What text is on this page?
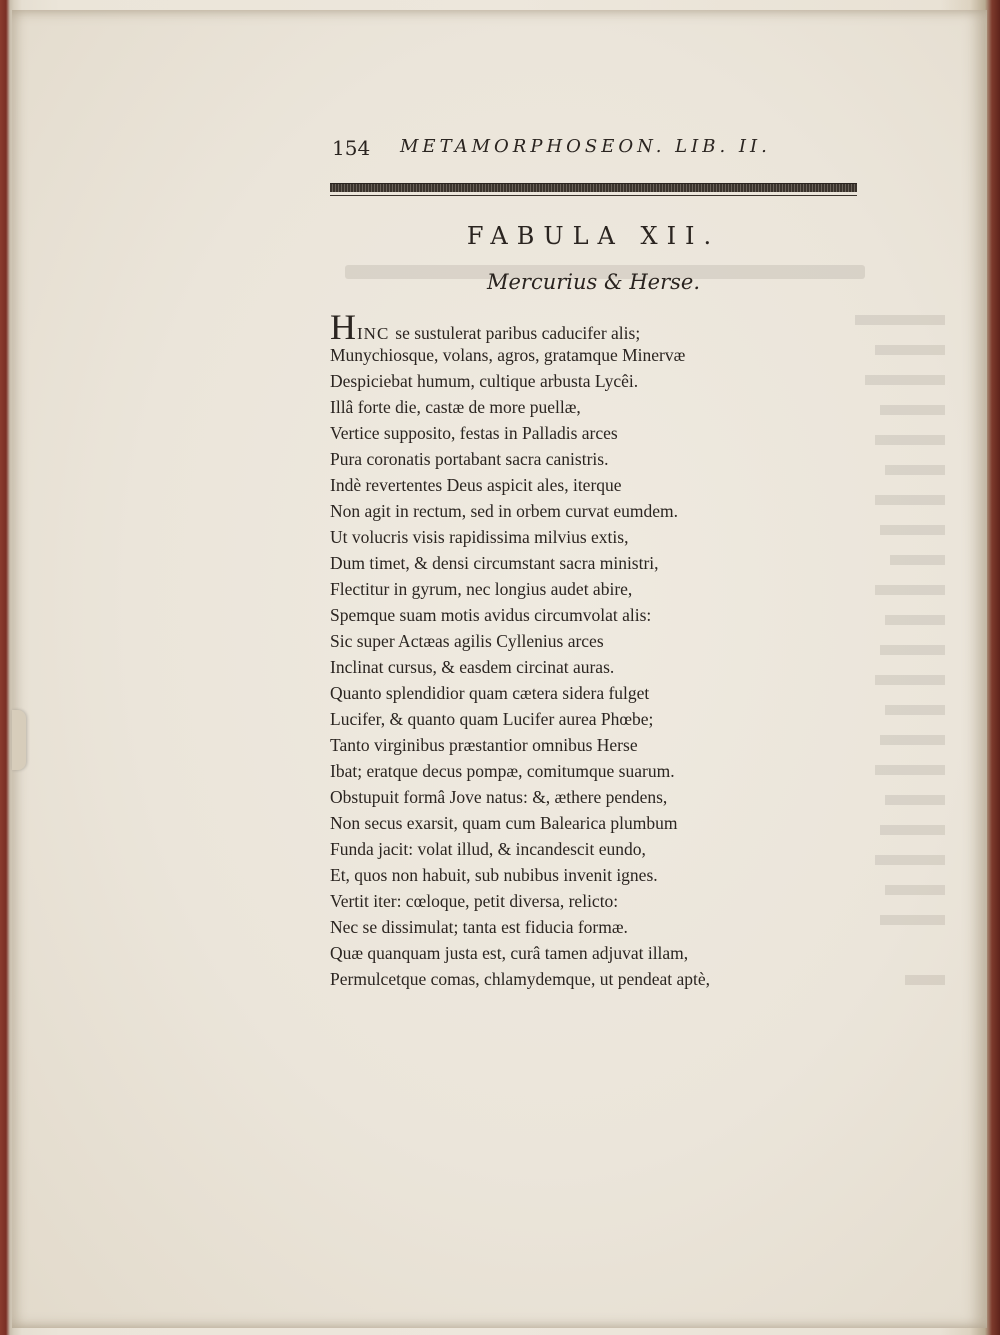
154 METAMORPHOSEON. LIB. II.
FABULA XII.
Mercurius & Herse.
HINC se sustulerat paribus caducifer alis;
Munychiosque, volans, agros, gratamque Minervæ
Despiciebat humum, cultique arbusta Lycêi.
Illâ forte die, castæ de more puellæ,
Vertice supposito, festas in Palladis arces
Pura coronatis portabant sacra canistris.
Indè revertentes Deus aspicit ales, iterque
Non agit in rectum, sed in orbem curvat eumdem.
Ut volucris visis rapidissima milvius extis,
Dum timet, & densi circumstant sacra ministri,
Flectitur in gyrum, nec longius audet abire,
Spemque suam motis avidus circumvolat alis:
Sic super Actæas agilis Cyllenius arces
Inclinat cursus, & easdem circinat auras.
Quanto splendidior quam cætera sidera fulget
Lucifer, & quanto quam Lucifer aurea Phœbe;
Tanto virginibus præstantior omnibus Herse
Ibat; eratque decus pompæ, comitumque suarum.
Obstupuit formâ Jove natus: &, æthere pendens,
Non secus exarsit, quam cum Balearica plumbum
Funda jacit: volat illud, & incandescit eundo,
Et, quos non habuit, sub nubibus invenit ignes.
Vertit iter: cœloque, petit diversa, relicto:
Nec se dissimulat; tanta est fiducia formæ.
Quæ quanquam justa est, curâ tamen adjuvat illam,
Permulcetque comas, chlamydemque, ut pendeat aptè,
